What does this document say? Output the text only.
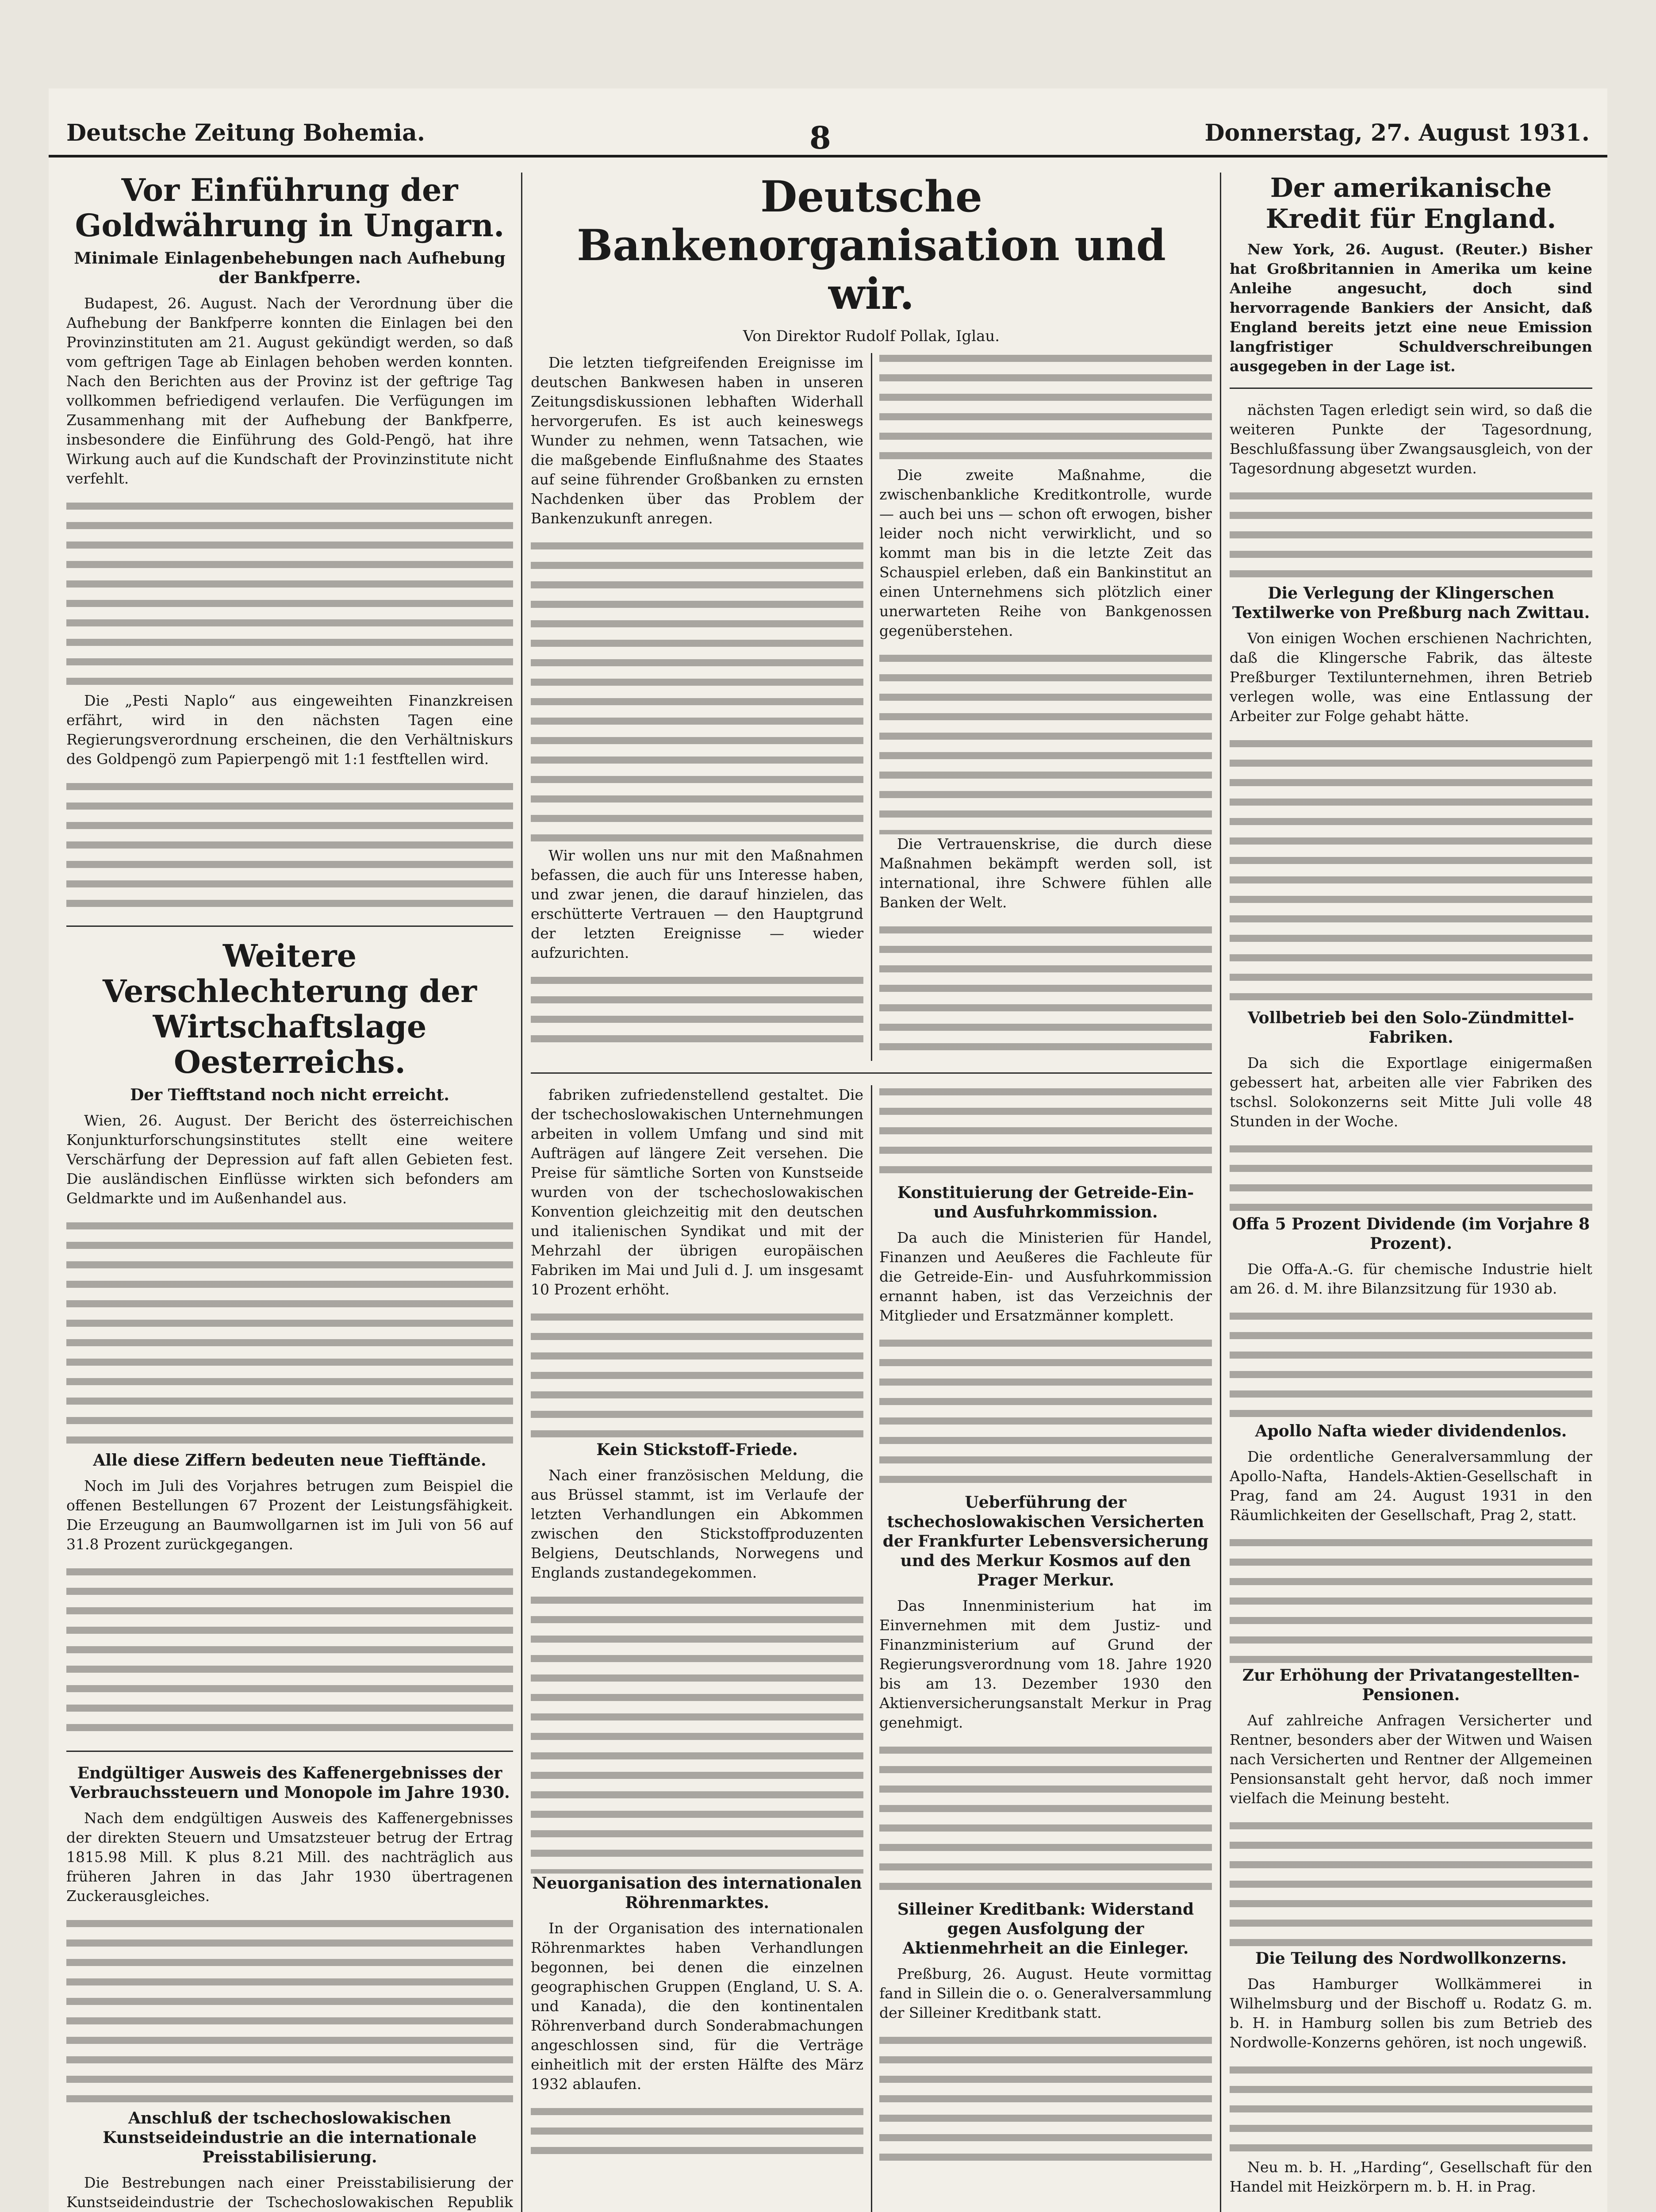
Deutsche Zeitung Bohemia.	8	Donnerstag, 27. August 1931.
Vor Einführung der Goldwährung in Ungarn.
Minimale Einlagenbehebungen nach Aufhebung der Bankfperre.

Budapest, 26. August. Nach der Verordnung über die Aufhebung der Bankfperre konnten die Einlagen bei den Provinzinstituten am 21. August gekündigt werden, so daß vom geftrigen Tage ab Einlagen behoben werden konnten. Nach den Berichten aus der Provinz ist der geftrige Tag vollkommen befriedigend verlaufen. Die Verfügungen im Zusammenhang mit der Aufhebung der Bankfperre, insbesondere die Einführung des Gold-Pengö, hat ihre Wirkung auch auf die Kundschaft der Provinzinstitute nicht verfehlt.

Die „Pesti Naplo“ aus eingeweihten Finanzkreisen erfährt, wird in den nächsten Tagen eine Regierungsverordnung erscheinen, die den Verhältniskurs des Goldpengö zum Papierpengö mit 1:1 festftellen wird.

Weitere Verschlechterung der Wirtschaftslage Oesterreichs.
Der Tiefftstand noch nicht erreicht.

Wien, 26. August. Der Bericht des österreichischen Konjunkturforschungsinstitutes stellt eine weitere Verschärfung der Depression auf faft allen Gebieten fest. Die ausländischen Einflüsse wirkten sich befonders am Geldmarkte und im Außenhandel aus.

Alle diese Ziffern bedeuten neue Tiefftände.

Noch im Juli des Vorjahres betrugen zum Beispiel die offenen Bestellungen 67 Prozent der Leistungsfähigkeit. Die Erzeugung an Baumwollgarnen ist im Juli von 56 auf 31.8 Prozent zurückgegangen.

Endgültiger Ausweis des Kaffenergebnisses der Verbrauchssteuern und Monopole im Jahre 1930.

Nach dem endgültigen Ausweis des Kaffenergebnisses der direkten Steuern und Umsatzsteuer betrug der Ertrag 1815.98 Mill. K plus 8.21 Mill. des nachträglich aus früheren Jahren in das Jahr 1930 übertragenen Zuckerausgleiches.

Anschluß der tschechoslowakischen Kunstseideindustrie an die internationale Preisstabilisierung.

Die Bestrebungen nach einer Preisstabilisierung der Kunstseideindustrie der Tschechoslowakischen Republik

Deutsche Bankenorganisation und wir.
Von Direktor Rudolf Pollak, Iglau.

Die letzten tiefgreifenden Ereignisse im deutschen Bankwesen haben in unseren Zeitungsdiskussionen lebhaften Widerhall hervorgerufen. Es ist auch keineswegs Wunder zu nehmen, wenn Tatsachen, wie die maßgebende Einflußnahme des Staates auf seine führender Großbanken zu ernsten Nachdenken über das Problem der Bankenzukunft anregen.

Wir wollen uns nur mit den Maßnahmen befassen, die auch für uns Interesse haben, und zwar jenen, die darauf hinzielen, das erschütterte Vertrauen — den Hauptgrund der letzten Ereignisse — wieder aufzurichten.

Die zweite Maßnahme, die zwischenbankliche Kreditkontrolle, wurde — auch bei uns — schon oft erwogen, bisher leider noch nicht verwirklicht, und so kommt man bis in die letzte Zeit das Schauspiel erleben, daß ein Bankinstitut an einen Unternehmens sich plötzlich einer unerwarteten Reihe von Bankgenossen gegenüberstehen.

Die Vertrauenskrise, die durch diese Maßnahmen bekämpft werden soll, ist international, ihre Schwere fühlen alle Banken der Welt.

fabriken zufriedenstellend gestaltet. Die der tschechoslowakischen Unternehmungen arbeiten in vollem Umfang und sind mit Aufträgen auf längere Zeit versehen. Die Preise für sämtliche Sorten von Kunstseide wurden von der tschechoslowakischen Konvention gleichzeitig mit den deutschen und italienischen Syndikat und mit der Mehrzahl der übrigen europäischen Fabriken im Mai und Juli d. J. um insgesamt 10 Prozent erhöht.

Kein Stickstoff-Friede.

Nach einer französischen Meldung, die aus Brüssel stammt, ist im Verlaufe der letzten Verhandlungen ein Abkommen zwischen den Stickstoffproduzenten Belgiens, Deutschlands, Norwegens und Englands zustandegekommen.

Neuorganisation des internationalen Röhrenmarktes.

In der Organisation des internationalen Röhrenmarktes haben Verhandlungen begonnen, bei denen die einzelnen geographischen Gruppen (England, U. S. A. und Kanada), die den kontinentalen Röhrenverband durch Sonderabmachungen angeschlossen sind, für die Verträge einheitlich mit der ersten Hälfte des März 1932 ablaufen.

Konstituierung der Getreide-Ein- und Ausfuhrkommission.

Da auch die Ministerien für Handel, Finanzen und Aeußeres die Fachleute für die Getreide-Ein- und Ausfuhrkommission ernannt haben, ist das Verzeichnis der Mitglieder und Ersatzmänner komplett.

Ueberführung der tschechoslowakischen Versicherten der Frankfurter Lebensversicherung und des Merkur Kosmos auf den Prager Merkur.

Das Innenministerium hat im Einvernehmen mit dem Justiz- und Finanzministerium auf Grund der Regierungsverordnung vom 18. Jahre 1920 bis am 13. Dezember 1930 den Aktienversicherungsanstalt Merkur in Prag genehmigt.

Silleiner Kreditbank: Widerstand gegen Ausfolgung der Aktienmehrheit an die Einleger.

Preßburg, 26. August. Heute vormittag fand in Sillein die o. o. Generalversammlung der Silleiner Kreditbank statt.

Der amerikanische Kredit für England.

New York, 26. August. (Reuter.) Bisher hat Großbritannien in Amerika um keine Anleihe angesucht, doch sind hervorragende Bankiers der Ansicht, daß England bereits jetzt eine neue Emission langfristiger Schuldverschreibungen ausgegeben in der Lage ist.

nächsten Tagen erledigt sein wird, so daß die weiteren Punkte der Tagesordnung, Beschlußfassung über Zwangsausgleich, von der Tagesordnung abgesetzt wurden.

Die Verlegung der Klingerschen Textilwerke von Preßburg nach Zwittau.

Von einigen Wochen erschienen Nachrichten, daß die Klingersche Fabrik, das älteste Preßburger Textilunternehmen, ihren Betrieb verlegen wolle, was eine Entlassung der Arbeiter zur Folge gehabt hätte.

Vollbetrieb bei den Solo-Zündmittel-Fabriken.

Da sich die Exportlage einigermaßen gebessert hat, arbeiten alle vier Fabriken des tschsl. Solokonzerns seit Mitte Juli volle 48 Stunden in der Woche.

Offa 5 Prozent Dividende (im Vorjahre 8 Prozent).

Die Offa-A.-G. für chemische Industrie hielt am 26. d. M. ihre Bilanzsitzung für 1930 ab.

Apollo Nafta wieder dividendenlos.

Die ordentliche Generalversammlung der Apollo-Nafta, Handels-Aktien-Gesellschaft in Prag, fand am 24. August 1931 in den Räumlichkeiten der Gesellschaft, Prag 2, statt.

Zur Erhöhung der Privatangestellten-Pensionen.

Auf zahlreiche Anfragen Versicherter und Rentner, besonders aber der Witwen und Waisen nach Versicherten und Rentner der Allgemeinen Pensionsanstalt geht hervor, daß noch immer vielfach die Meinung besteht.

Die Teilung des Nordwollkonzerns.

Das Hamburger Wollkämmerei in Wilhelmsburg und der Bischoff u. Rodatz G. m. b. H. in Hamburg sollen bis zum Betrieb des Nordwolle-Konzerns gehören, ist noch ungewiß.

Neu m. b. H. „Harding“, Gesellschaft für den Handel mit Heizkörpern m. b. H. in Prag.
